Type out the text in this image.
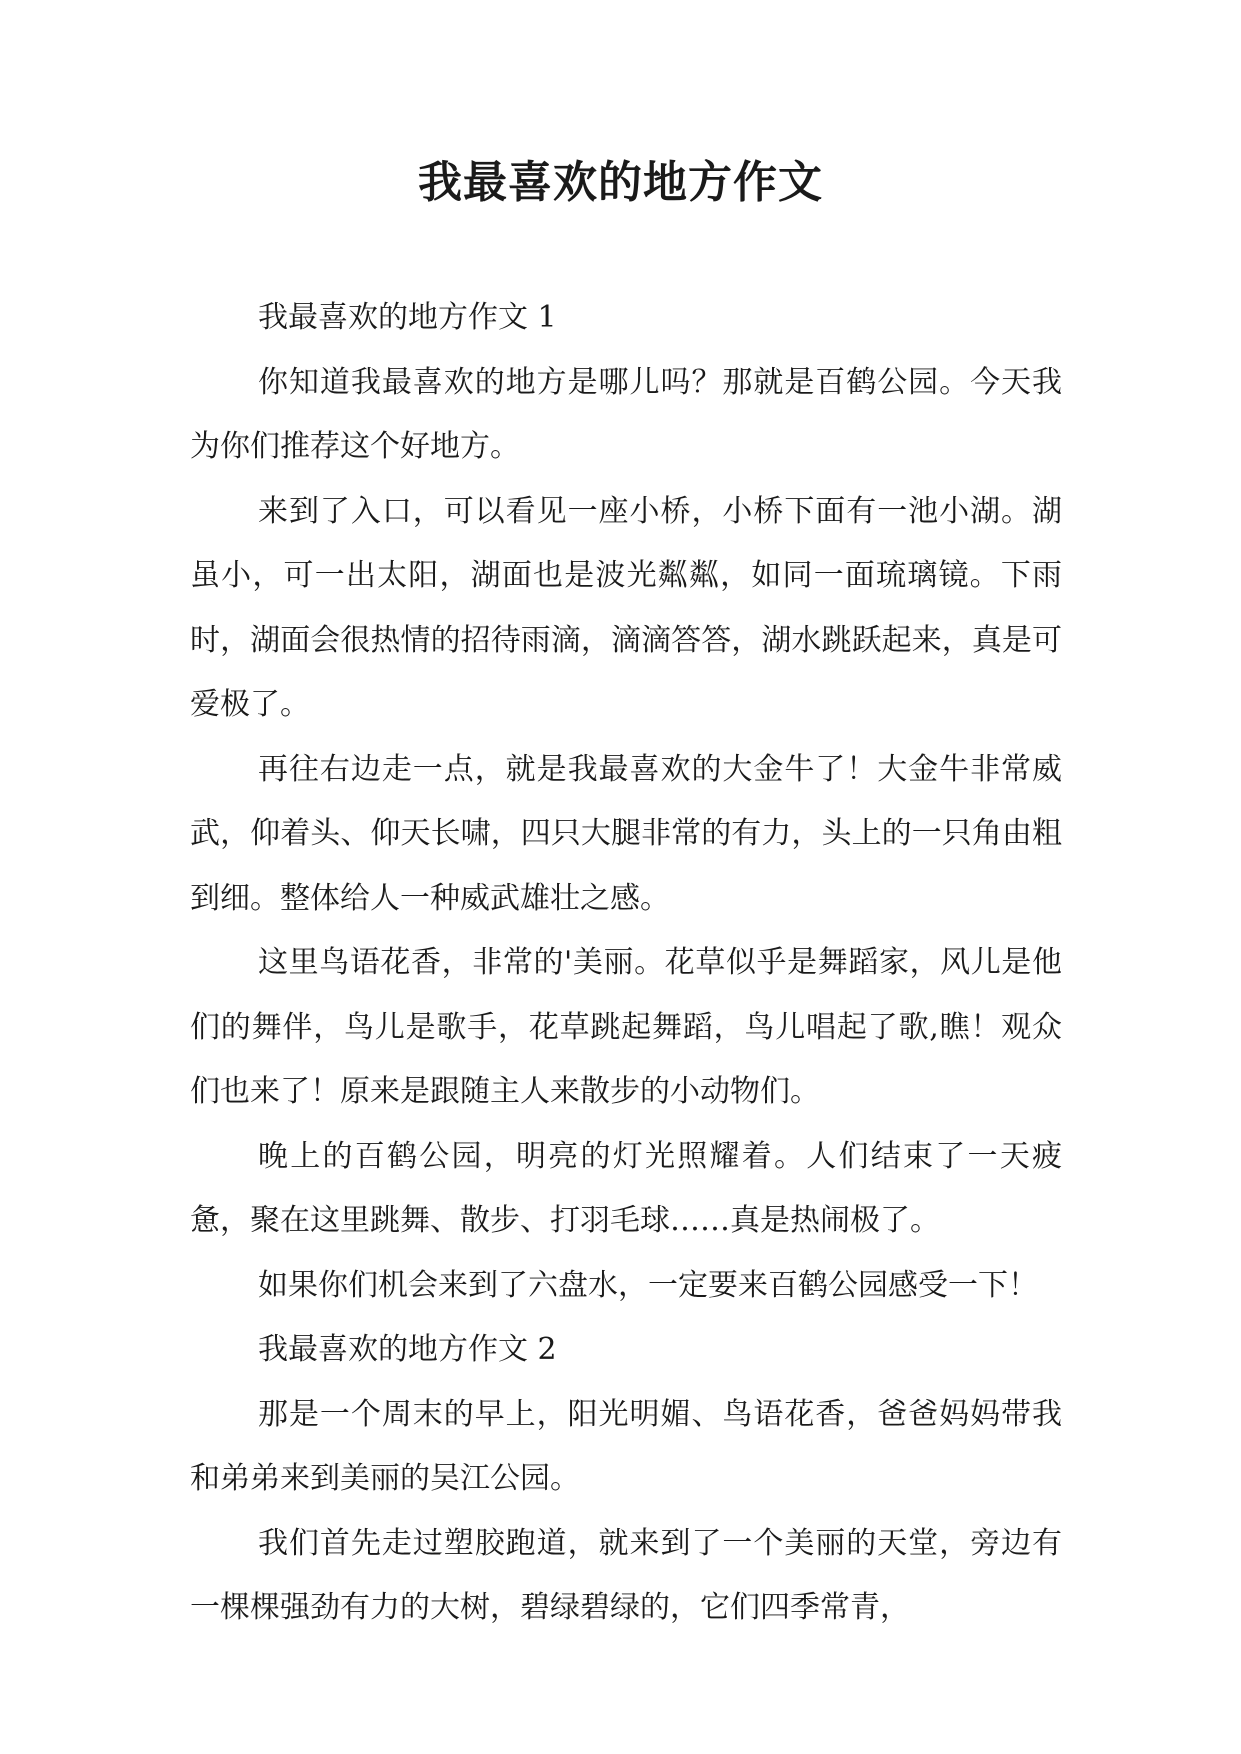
我最喜欢的地方作文

我最喜欢的地方作文 1

你知道我最喜欢的地方是哪儿吗？那就是百鹤公园。今天我为你们推荐这个好地方。

来到了入口，可以看见一座小桥，小桥下面有一池小湖。湖虽小，可一出太阳，湖面也是波光粼粼，如同一面琉璃镜。下雨时，湖面会很热情的招待雨滴，滴滴答答，湖水跳跃起来，真是可爱极了。

再往右边走一点，就是我最喜欢的大金牛了！大金牛非常威武，仰着头、仰天长啸，四只大腿非常的有力，头上的一只角由粗到细。整体给人一种威武雄壮之感。

这里鸟语花香，非常的'美丽。花草似乎是舞蹈家，风儿是他们的舞伴，鸟儿是歌手，花草跳起舞蹈，鸟儿唱起了歌,瞧！观众们也来了！原来是跟随主人来散步的小动物们。

晚上的百鹤公园，明亮的灯光照耀着。人们结束了一天疲惫，聚在这里跳舞、散步、打羽毛球……真是热闹极了。

如果你们机会来到了六盘水，一定要来百鹤公园感受一下！

我最喜欢的地方作文 2

那是一个周末的早上，阳光明媚、鸟语花香，爸爸妈妈带我和弟弟来到美丽的吴江公园。

我们首先走过塑胶跑道，就来到了一个美丽的天堂，旁边有一棵棵强劲有力的大树，碧绿碧绿的，它们四季常青，
